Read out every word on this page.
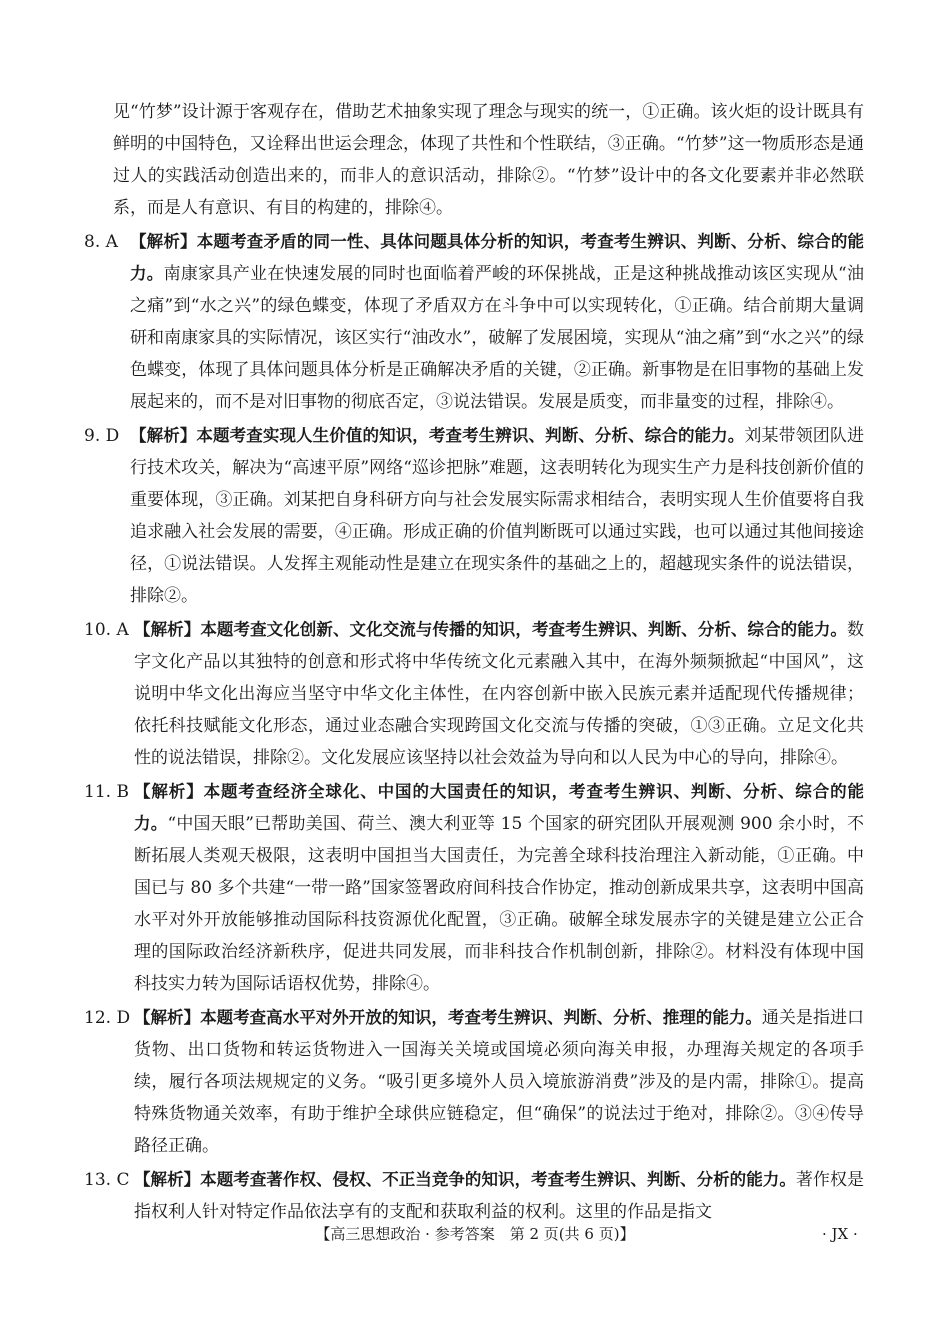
见“竹梦”设计源于客观存在，借助艺术抽象实现了理念与现实的统一，①正确。该火炬的设计既具有鲜明的中国特色，又诠释出世运会理念，体现了共性和个性联结，③正确。“竹梦”这一物质形态是通过人的实践活动创造出来的，而非人的意识活动，排除②。“竹梦”设计中的各文化要素并非必然联系，而是人有意识、有目的构建的，排除④。

8. A 【解析】本题考查矛盾的同一性、具体问题具体分析的知识，考查考生辨识、判断、分析、综合的能力。南康家具产业在快速发展的同时也面临着严峻的环保挑战，正是这种挑战推动该区实现从“油之痛”到“水之兴”的绿色蝶变，体现了矛盾双方在斗争中可以实现转化，①正确。结合前期大量调研和南康家具的实际情况，该区实行“油改水”，破解了发展困境，实现从“油之痛”到“水之兴”的绿色蝶变，体现了具体问题具体分析是正确解决矛盾的关键，②正确。新事物是在旧事物的基础上发展起来的，而不是对旧事物的彻底否定，③说法错误。发展是质变，而非量变的过程，排除④。
9. D 【解析】本题考查实现人生价值的知识，考查考生辨识、判断、分析、综合的能力。刘某带领团队进行技术攻关，解决为“高速平原”网络“巡诊把脉”难题，这表明转化为现实生产力是科技创新价值的重要体现，③正确。刘某把自身科研方向与社会发展实际需求相结合，表明实现人生价值要将自我追求融入社会发展的需要，④正确。形成正确的价值判断既可以通过实践，也可以通过其他间接途径，①说法错误。人发挥主观能动性是建立在现实条件的基础之上的，超越现实条件的说法错误，排除②。
10. A 【解析】本题考查文化创新、文化交流与传播的知识，考查考生辨识、判断、分析、综合的能力。数字文化产品以其独特的创意和形式将中华传统文化元素融入其中，在海外频频掀起“中国风”，这说明中华文化出海应当坚守中华文化主体性，在内容创新中嵌入民族元素并适配现代传播规律；依托科技赋能文化形态，通过业态融合实现跨国文化交流与传播的突破，①③正确。立足文化共性的说法错误，排除②。文化发展应该坚持以社会效益为导向和以人民为中心的导向，排除④。
11. B 【解析】本题考查经济全球化、中国的大国责任的知识，考查考生辨识、判断、分析、综合的能力。“中国天眼”已帮助美国、荷兰、澳大利亚等 15 个国家的研究团队开展观测 900 余小时，不断拓展人类观天极限，这表明中国担当大国责任，为完善全球科技治理注入新动能，①正确。中国已与 80 多个共建“一带一路”国家签署政府间科技合作协定，推动创新成果共享，这表明中国高水平对外开放能够推动国际科技资源优化配置，③正确。破解全球发展赤字的关键是建立公正合理的国际政治经济新秩序，促进共同发展，而非科技合作机制创新，排除②。材料没有体现中国科技实力转为国际话语权优势，排除④。
12. D 【解析】本题考查高水平对外开放的知识，考查考生辨识、判断、分析、推理的能力。通关是指进口货物、出口货物和转运货物进入一国海关关境或国境必须向海关申报，办理海关规定的各项手续，履行各项法规规定的义务。“吸引更多境外人员入境旅游消费”涉及的是内需，排除①。提高特殊货物通关效率，有助于维护全球供应链稳定，但“确保”的说法过于绝对，排除②。③④传导路径正确。
13. C 【解析】本题考查著作权、侵权、不正当竞争的知识，考查考生辨识、判断、分析的能力。著作权是指权利人针对特定作品依法享有的支配和获取利益的权利。这里的作品是指文
【高三思想政治 · 参考答案　第 2 页(共 6 页)】	· JX ·
